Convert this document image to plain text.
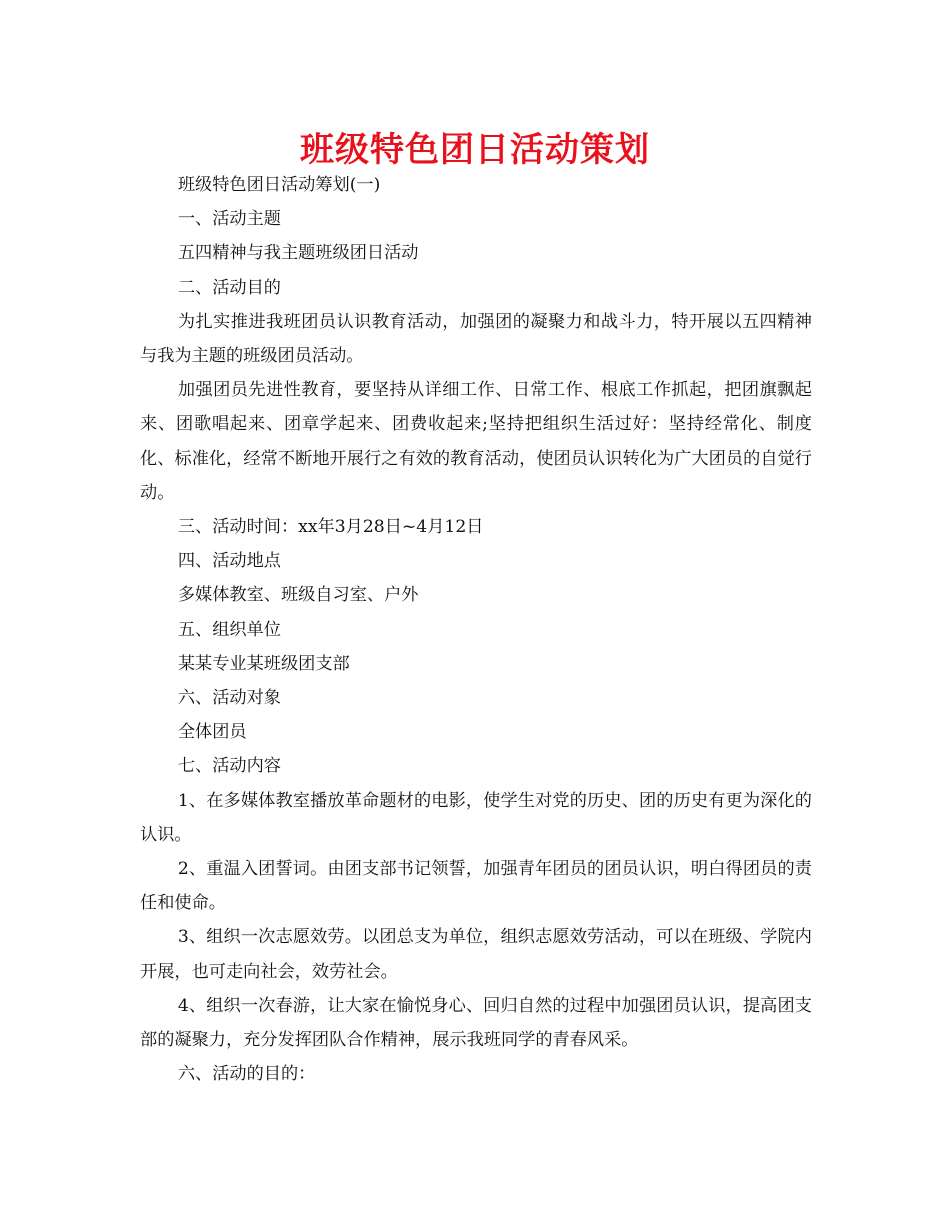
班级特色团日活动策划

班级特色团日活动筹划(一)

一、活动主题

五四精神与我主题班级团日活动

二、活动目的

为扎实推进我班团员认识教育活动，加强团的凝聚力和战斗力，特开展以五四精神与我为主题的班级团员活动。

加强团员先进性教育，要坚持从详细工作、日常工作、根底工作抓起，把团旗飘起来、团歌唱起来、团章学起来、团费收起来;坚持把组织生活过好：坚持经常化、制度化、标准化，经常不断地开展行之有效的教育活动，使团员认识转化为广大团员的自觉行动。

三、活动时间：xx年3月28日~4月12日

四、活动地点

多媒体教室、班级自习室、户外

五、组织单位

某某专业某班级团支部

六、活动对象

全体团员

七、活动内容

1、在多媒体教室播放革命题材的电影，使学生对党的历史、团的历史有更为深化的认识。

2、重温入团誓词。由团支部书记领誓，加强青年团员的团员认识，明白得团员的责任和使命。

3、组织一次志愿效劳。以团总支为单位，组织志愿效劳活动，可以在班级、学院内开展，也可走向社会，效劳社会。

4、组织一次春游，让大家在愉悦身心、回归自然的过程中加强团员认识，提高团支部的凝聚力，充分发挥团队合作精神，展示我班同学的青春风采。

六、活动的目的：
